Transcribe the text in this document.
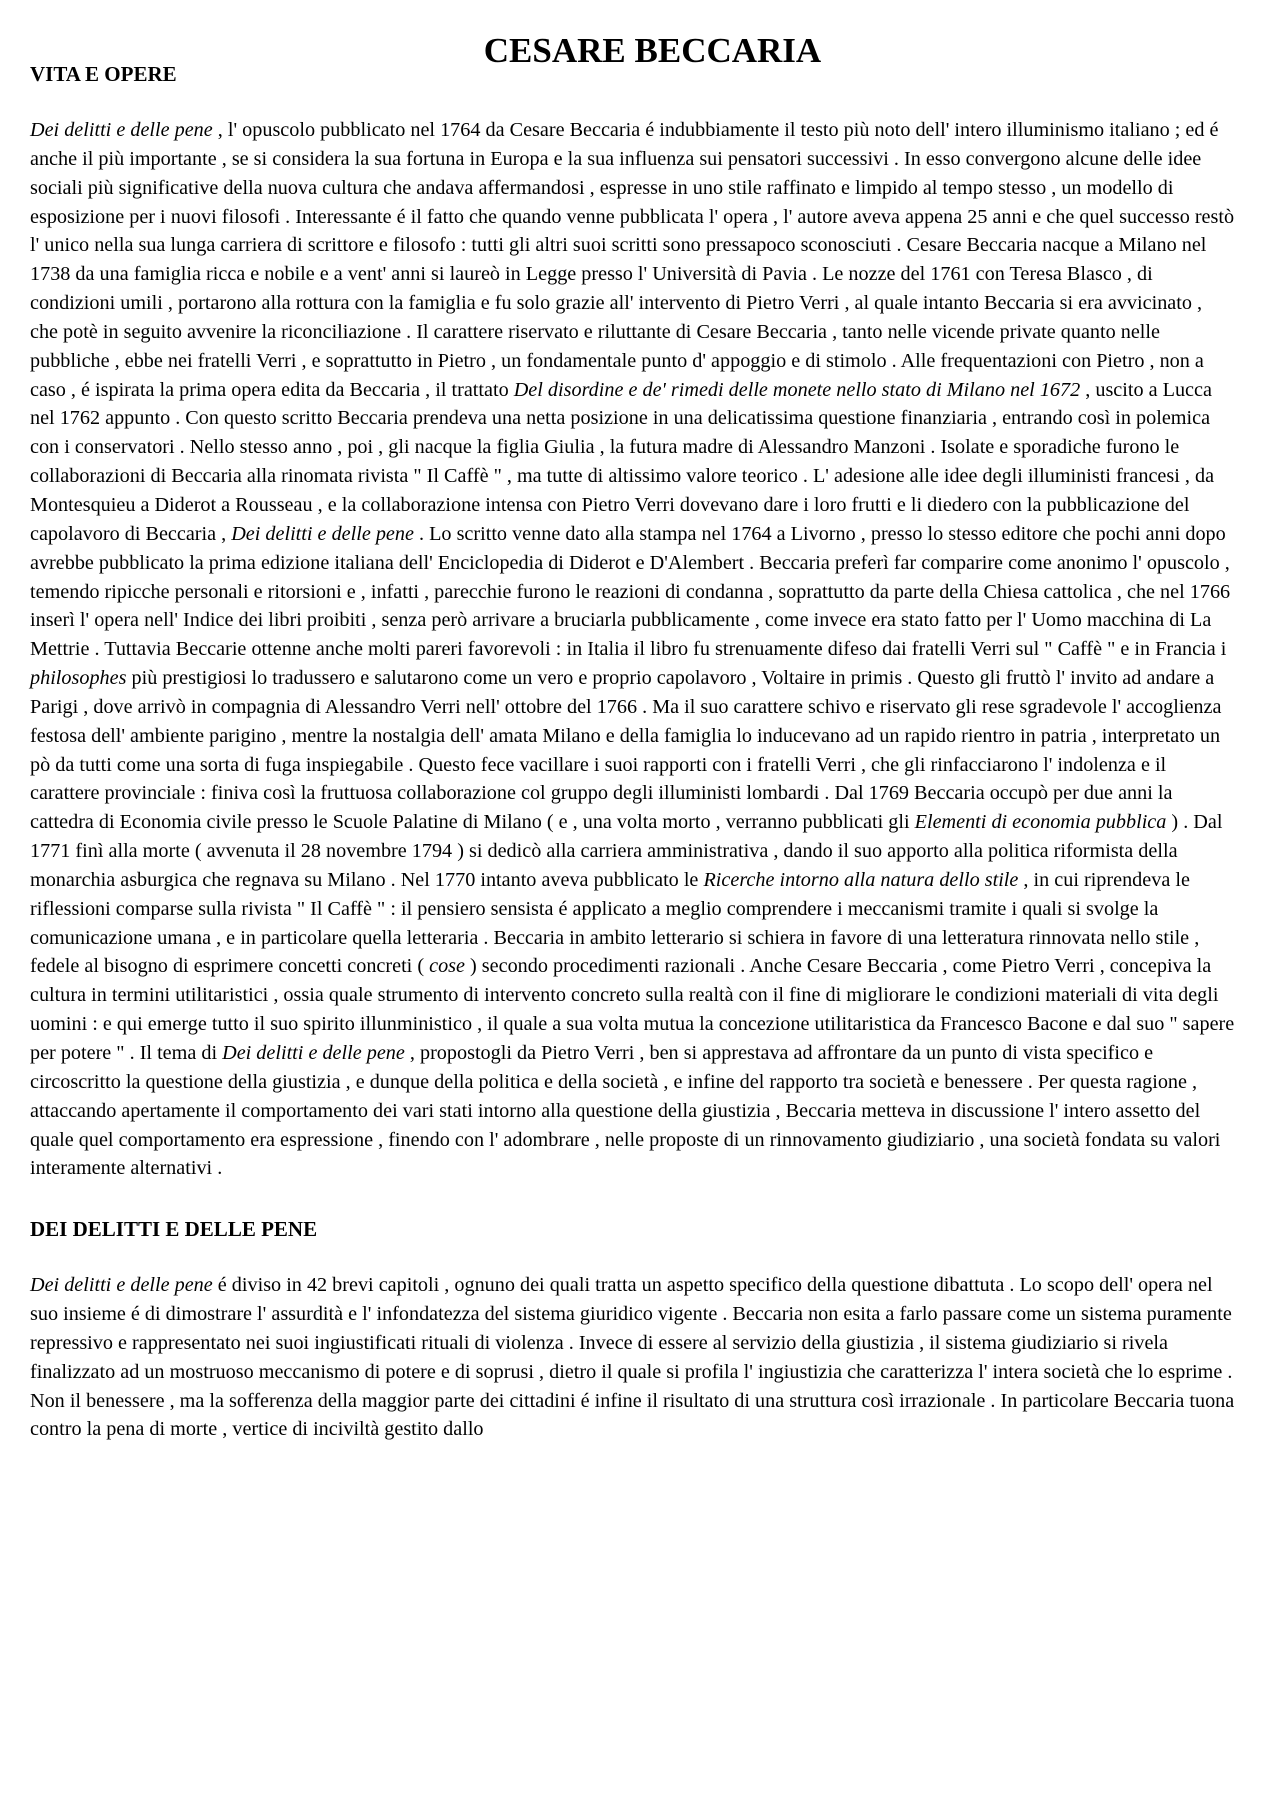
CESARE BECCARIA
VITA E OPERE

Dei delitti e delle pene , l' opuscolo pubblicato nel 1764 da Cesare Beccaria é indubbiamente il testo più noto dell' intero illuminismo italiano ; ed é anche il più importante , se si considera la sua fortuna in Europa e la sua influenza sui pensatori successivi . In esso convergono alcune delle idee sociali più significative della nuova cultura che andava affermandosi , espresse in uno stile raffinato e limpido al tempo stesso , un modello di esposizione per i nuovi filosofi . Interessante é il fatto che quando venne pubblicata l' opera , l' autore aveva appena 25 anni e che quel successo restò l' unico nella sua lunga carriera di scrittore e filosofo : tutti gli altri suoi scritti sono pressapoco sconosciuti . Cesare Beccaria nacque a Milano nel 1738 da una famiglia ricca e nobile e a vent' anni si laureò in Legge presso l' Università di Pavia . Le nozze del 1761 con Teresa Blasco , di condizioni umili , portarono alla rottura con la famiglia e fu solo grazie all' intervento di Pietro Verri , al quale intanto Beccaria si era avvicinato , che potè in seguito avvenire la riconciliazione . Il carattere riservato e riluttante di Cesare Beccaria , tanto nelle vicende private quanto nelle pubbliche , ebbe nei fratelli Verri , e soprattutto in Pietro , un fondamentale punto d' appoggio e di stimolo . Alle frequentazioni con Pietro , non a caso , é ispirata la prima opera edita da Beccaria , il trattato Del disordine e de' rimedi delle monete nello stato di Milano nel 1672 , uscito a Lucca nel 1762 appunto . Con questo scritto Beccaria prendeva una netta posizione in una delicatissima questione finanziaria , entrando così in polemica con i conservatori . Nello stesso anno , poi , gli nacque la figlia Giulia , la futura madre di Alessandro Manzoni . Isolate e sporadiche furono le collaborazioni di Beccaria alla rinomata rivista " Il Caffè " , ma tutte di altissimo valore teorico . L' adesione alle idee degli illuministi francesi , da Montesquieu a Diderot a Rousseau , e la collaborazione intensa con Pietro Verri dovevano dare i loro frutti e li diedero con la pubblicazione del capolavoro di Beccaria , Dei delitti e delle pene . Lo scritto venne dato alla stampa nel 1764 a Livorno , presso lo stesso editore che pochi anni dopo avrebbe pubblicato la prima edizione italiana dell' Enciclopedia di Diderot e D'Alembert . Beccaria preferì far comparire come anonimo l' opuscolo , temendo ripicche personali e ritorsioni e , infatti , parecchie furono le reazioni di condanna , soprattutto da parte della Chiesa cattolica , che nel 1766 inserì l' opera nell' Indice dei libri proibiti , senza però arrivare a bruciarla pubblicamente , come invece era stato fatto per l' Uomo macchina di La Mettrie . Tuttavia Beccarie ottenne anche molti pareri favorevoli : in Italia il libro fu strenuamente difeso dai fratelli Verri sul " Caffè " e in Francia i philosophes più prestigiosi lo tradussero e salutarono come un vero e proprio capolavoro , Voltaire in primis . Questo gli fruttò l' invito ad andare a Parigi , dove arrivò in compagnia di Alessandro Verri nell' ottobre del 1766 . Ma il suo carattere schivo e riservato gli rese sgradevole l' accoglienza festosa dell' ambiente parigino , mentre la nostalgia dell' amata Milano e della famiglia lo inducevano ad un rapido rientro in patria , interpretato un pò da tutti come una sorta di fuga inspiegabile . Questo fece vacillare i suoi rapporti con i fratelli Verri , che gli rinfacciarono l' indolenza e il carattere provinciale : finiva così la fruttuosa collaborazione col gruppo degli illuministi lombardi . Dal 1769 Beccaria occupò per due anni la cattedra di Economia civile presso le Scuole Palatine di Milano ( e , una volta morto , verranno pubblicati gli Elementi di economia pubblica ) . Dal 1771 finì alla morte ( avvenuta il 28 novembre 1794 ) si dedicò alla carriera amministrativa , dando il suo apporto alla politica riformista della monarchia asburgica che regnava su Milano . Nel 1770 intanto aveva pubblicato le Ricerche intorno alla natura dello stile , in cui riprendeva le riflessioni comparse sulla rivista " Il Caffè " : il pensiero sensista é applicato a meglio comprendere i meccanismi tramite i quali si svolge la comunicazione umana , e in particolare quella letteraria . Beccaria in ambito letterario si schiera in favore di una letteratura rinnovata nello stile , fedele al bisogno di esprimere concetti concreti ( cose ) secondo procedimenti razionali . Anche Cesare Beccaria , come Pietro Verri , concepiva la cultura in termini utilitaristici , ossia quale strumento di intervento concreto sulla realtà con il fine di migliorare le condizioni materiali di vita degli uomini : e qui emerge tutto il suo spirito illunministico , il quale a sua volta mutua la concezione utilitaristica da Francesco Bacone e dal suo " sapere per potere " . Il tema di Dei delitti e delle pene , propostogli da Pietro Verri , ben si apprestava ad affrontare da un punto di vista specifico e circoscritto la questione della giustizia , e dunque della politica e della società , e infine del rapporto tra società e benessere . Per questa ragione , attaccando apertamente il comportamento dei vari stati intorno alla questione della giustizia , Beccaria metteva in discussione l' intero assetto del quale quel comportamento era espressione , finendo con l' adombrare , nelle proposte di un rinnovamento giudiziario , una società fondata su valori interamente alternativi .

DEI DELITTI E DELLE PENE

Dei delitti e delle pene é diviso in 42 brevi capitoli , ognuno dei quali tratta un aspetto specifico della questione dibattuta . Lo scopo dell' opera nel suo insieme é di dimostrare l' assurdità e l' infondatezza del sistema giuridico vigente . Beccaria non esita a farlo passare come un sistema puramente repressivo e rappresentato nei suoi ingiustificati rituali di violenza . Invece di essere al servizio della giustizia , il sistema giudiziario si rivela finalizzato ad un mostruoso meccanismo di potere e di soprusi , dietro il quale si profila l' ingiustizia che caratterizza l' intera società che lo esprime . Non il benessere , ma la sofferenza della maggior parte dei cittadini é infine il risultato di una struttura così irrazionale . In particolare Beccaria tuona contro la pena di morte , vertice di inciviltà gestito dallo
